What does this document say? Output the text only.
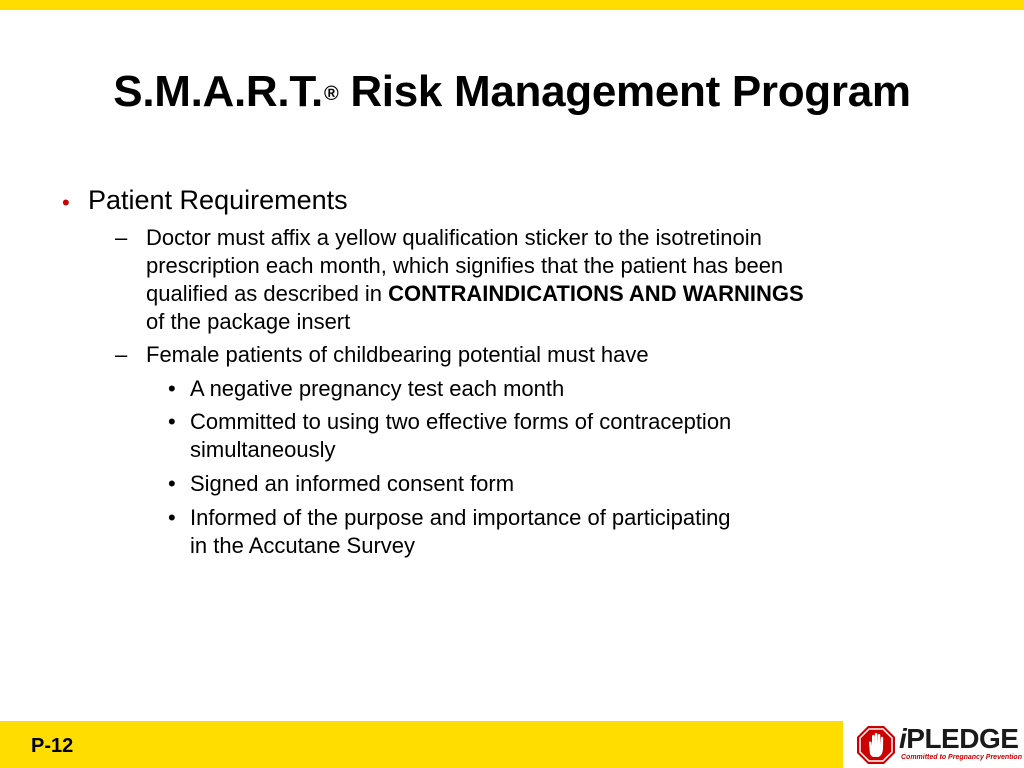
S.M.A.R.T.® Risk Management Program
• Patient Requirements
– Doctor must affix a yellow qualification sticker to the isotretinoin
prescription each month, which signifies that the patient has been
qualified as described in CONTRAINDICATIONS AND WARNINGS
of the package insert
– Female patients of childbearing potential must have
• A negative pregnancy test each month
• Committed to using two effective forms of contraception
simultaneously
• Signed an informed consent form
• Informed of the purpose and importance of participating
in the Accutane Survey
P-12	iPLEDGE
Committed to Pregnancy Prevention
